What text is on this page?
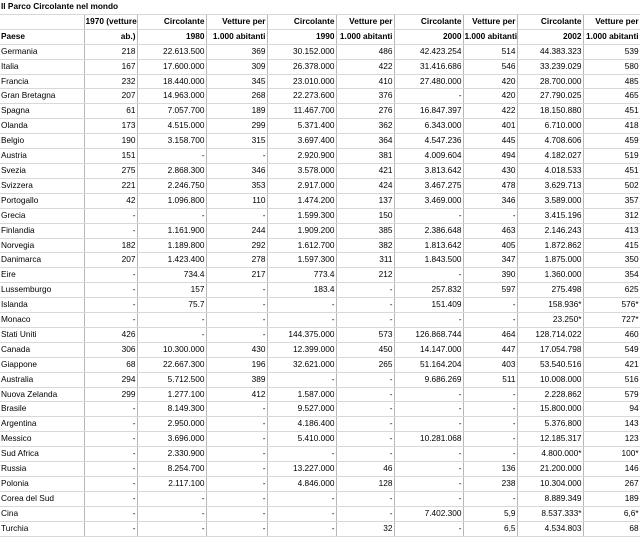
Il Parco Circolante nel mondo									
	1970 (vetture	Circolante	Vetture per	Circolante	Vetture per	Circolante	Vetture per	Circolante	Vetture per
Paese	ab.)	1980	1.000 abitanti	1990	1.000 abitanti	2000	1.000 abitanti	2002	1.000 abitanti
Germania	218	22.613.500	369	30.152.000	486	42.423.254	514	44.383.323	539
Italia	167	17.600.000	309	26.378.000	422	31.416.686	546	33.239.029	580
Francia	232	18.440.000	345	23.010.000	410	27.480.000	420	28.700.000	485
Gran Bretagna	207	14.963.000	268	22.273.600	376	-	420	27.790.025	465
Spagna	61	7.057.700	189	11.467.700	276	16.847.397	422	18.150.880	451
Olanda	173	4.515.000	299	5.371.400	362	6.343.000	401	6.710.000	418
Belgio	190	3.158.700	315	3.697.400	364	4.547.236	445	4.708.606	459
Austria	151	-	-	2.920.900	381	4.009.604	494	4.182.027	519
Svezia	275	2.868.300	346	3.578.000	421	3.813.642	430	4.018.533	451
Svizzera	221	2.246.750	353	2.917.000	424	3.467.275	478	3.629.713	502
Portogallo	42	1.096.800	110	1.474.200	137	3.469.000	346	3.589.000	357
Grecia	-	-	-	1.599.300	150	-	-	3.415.196	312
Finlandia	-	1.161.900	244	1.909.200	385	2.386.648	463	2.146.243	413
Norvegia	182	1.189.800	292	1.612.700	382	1.813.642	405	1.872.862	415
Danimarca	207	1.423.400	278	1.597.300	311	1.843.500	347	1.875.000	350
Eire	-	734.4	217	773.4	212	-	390	1.360.000	354
Lussemburgo	-	157	-	183.4	-	257.832	597	275.498	625
Islanda	-	75.7	-	-	-	151.409	-	158.936*	576*
Monaco	-	-	-	-	-	-	-	23.250*	727*
Stati Uniti	426	-	-	144.375.000	573	126.868.744	464	128.714.022	460
Canada	306	10.300.000	430	12.399.000	450	14.147.000	447	17.054.798	549
Giappone	68	22.667.300	196	32.621.000	265	51.164.204	403	53.540.516	421
Australia	294	5.712.500	389	-	-	9.686.269	511	10.008.000	516
Nuova Zelanda	299	1.277.100	412	1.587.000	-	-	-	2.228.862	579
Brasile	-	8.149.300	-	9.527.000	-	-	-	15.800.000	94
Argentina	-	2.950.000	-	4.186.400	-	-	-	5.376.800	143
Messico	-	3.696.000	-	5.410.000	-	10.281.068	-	12.185.317	123
Sud Africa	-	2.330.900	-	-	-	-	-	4.800.000*	100*
Russia	-	8.254.700	-	13.227.000	46	-	136	21.200.000	146
Polonia	-	2.117.100	-	4.846.000	128	-	238	10.304.000	267
Corea del Sud	-	-	-	-	-	-	-	8.889.349	189
Cina	-	-	-	-	-	7.402.300	5,9	8.537.333*	6,6*
Turchia	-	-	-	-	32	-	6,5	4.534.803	68
